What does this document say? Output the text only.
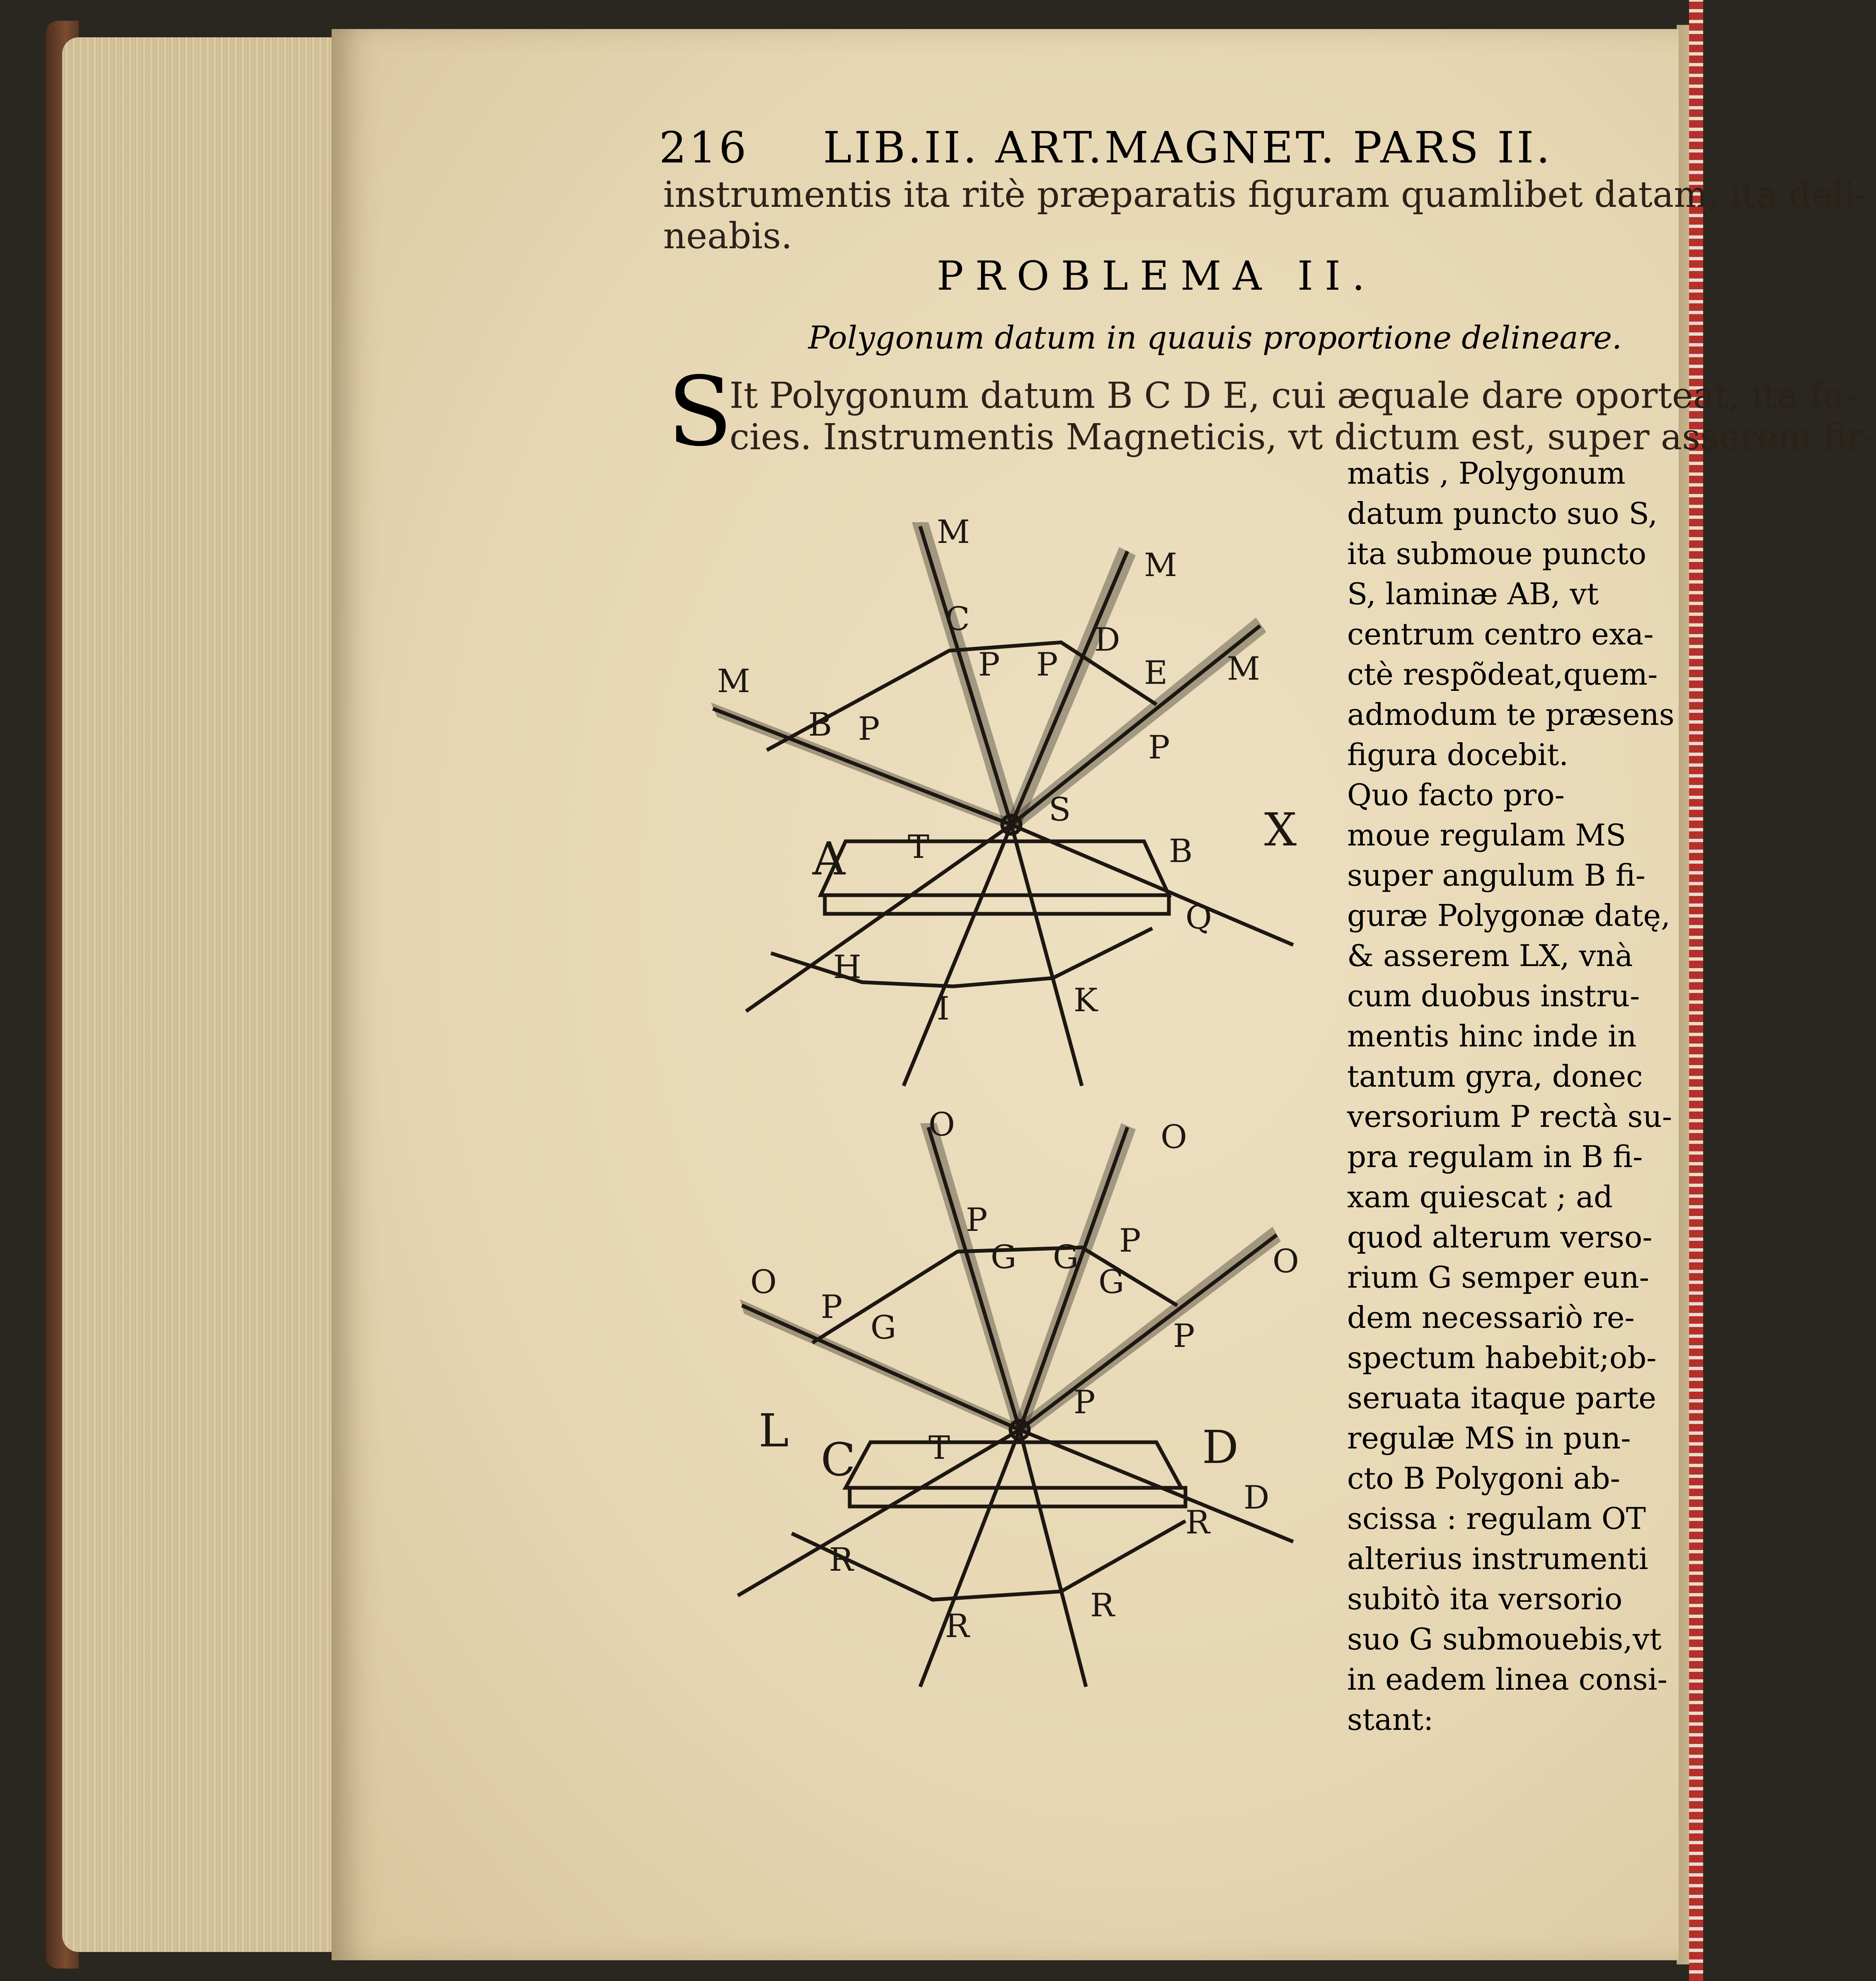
216 LIB.II. ART.MAGNET. PARS II.
instrumentis ita ritè præparatis figuram quamlibet datam, ita deli-
neabis.
PROBLEMA II.
Polygonum datum in quauis proportione delineare.
S
It Polygonum datum B C D E, cui æquale dare oporteat, ita fa-
cies. Instrumentis Magneticis, vt dictum est, super asserem fir-
matis , Polygonum
datum puncto suo S,
ita submoue puncto
S, laminæ AB, vt
centrum centro exa-
ctè respõdeat,quem-
admodum te præsens
figura docebit.
Quo facto pro-
moue regulam MS
super angulum B fi-
guræ Polygonæ datę,
& asserem LX, vnà
cum duobus instru-
mentis hinc inde in
tantum gyra, donec
versorium P rectà su-
pra regulam in B fi-
xam quiescat ; ad
quod alterum verso-
rium G semper eun-
dem necessariò re-
spectum habebit;ob-
seruata itaque parte
regulæ MS in pun-
cto B Polygoni ab-
scissa : regulam OT
alterius instrumenti
subitò ita versorio
suo G submouebis,vt
in eadem linea consi-
stant:
M
M
M
M
C
D
E
B
P P
P	P
S	X
A T	B
Q
H
I	K
O	O
O
O
P
P
P
P
P
G G
G
G
L
C T	D
D
R
R
R
R
